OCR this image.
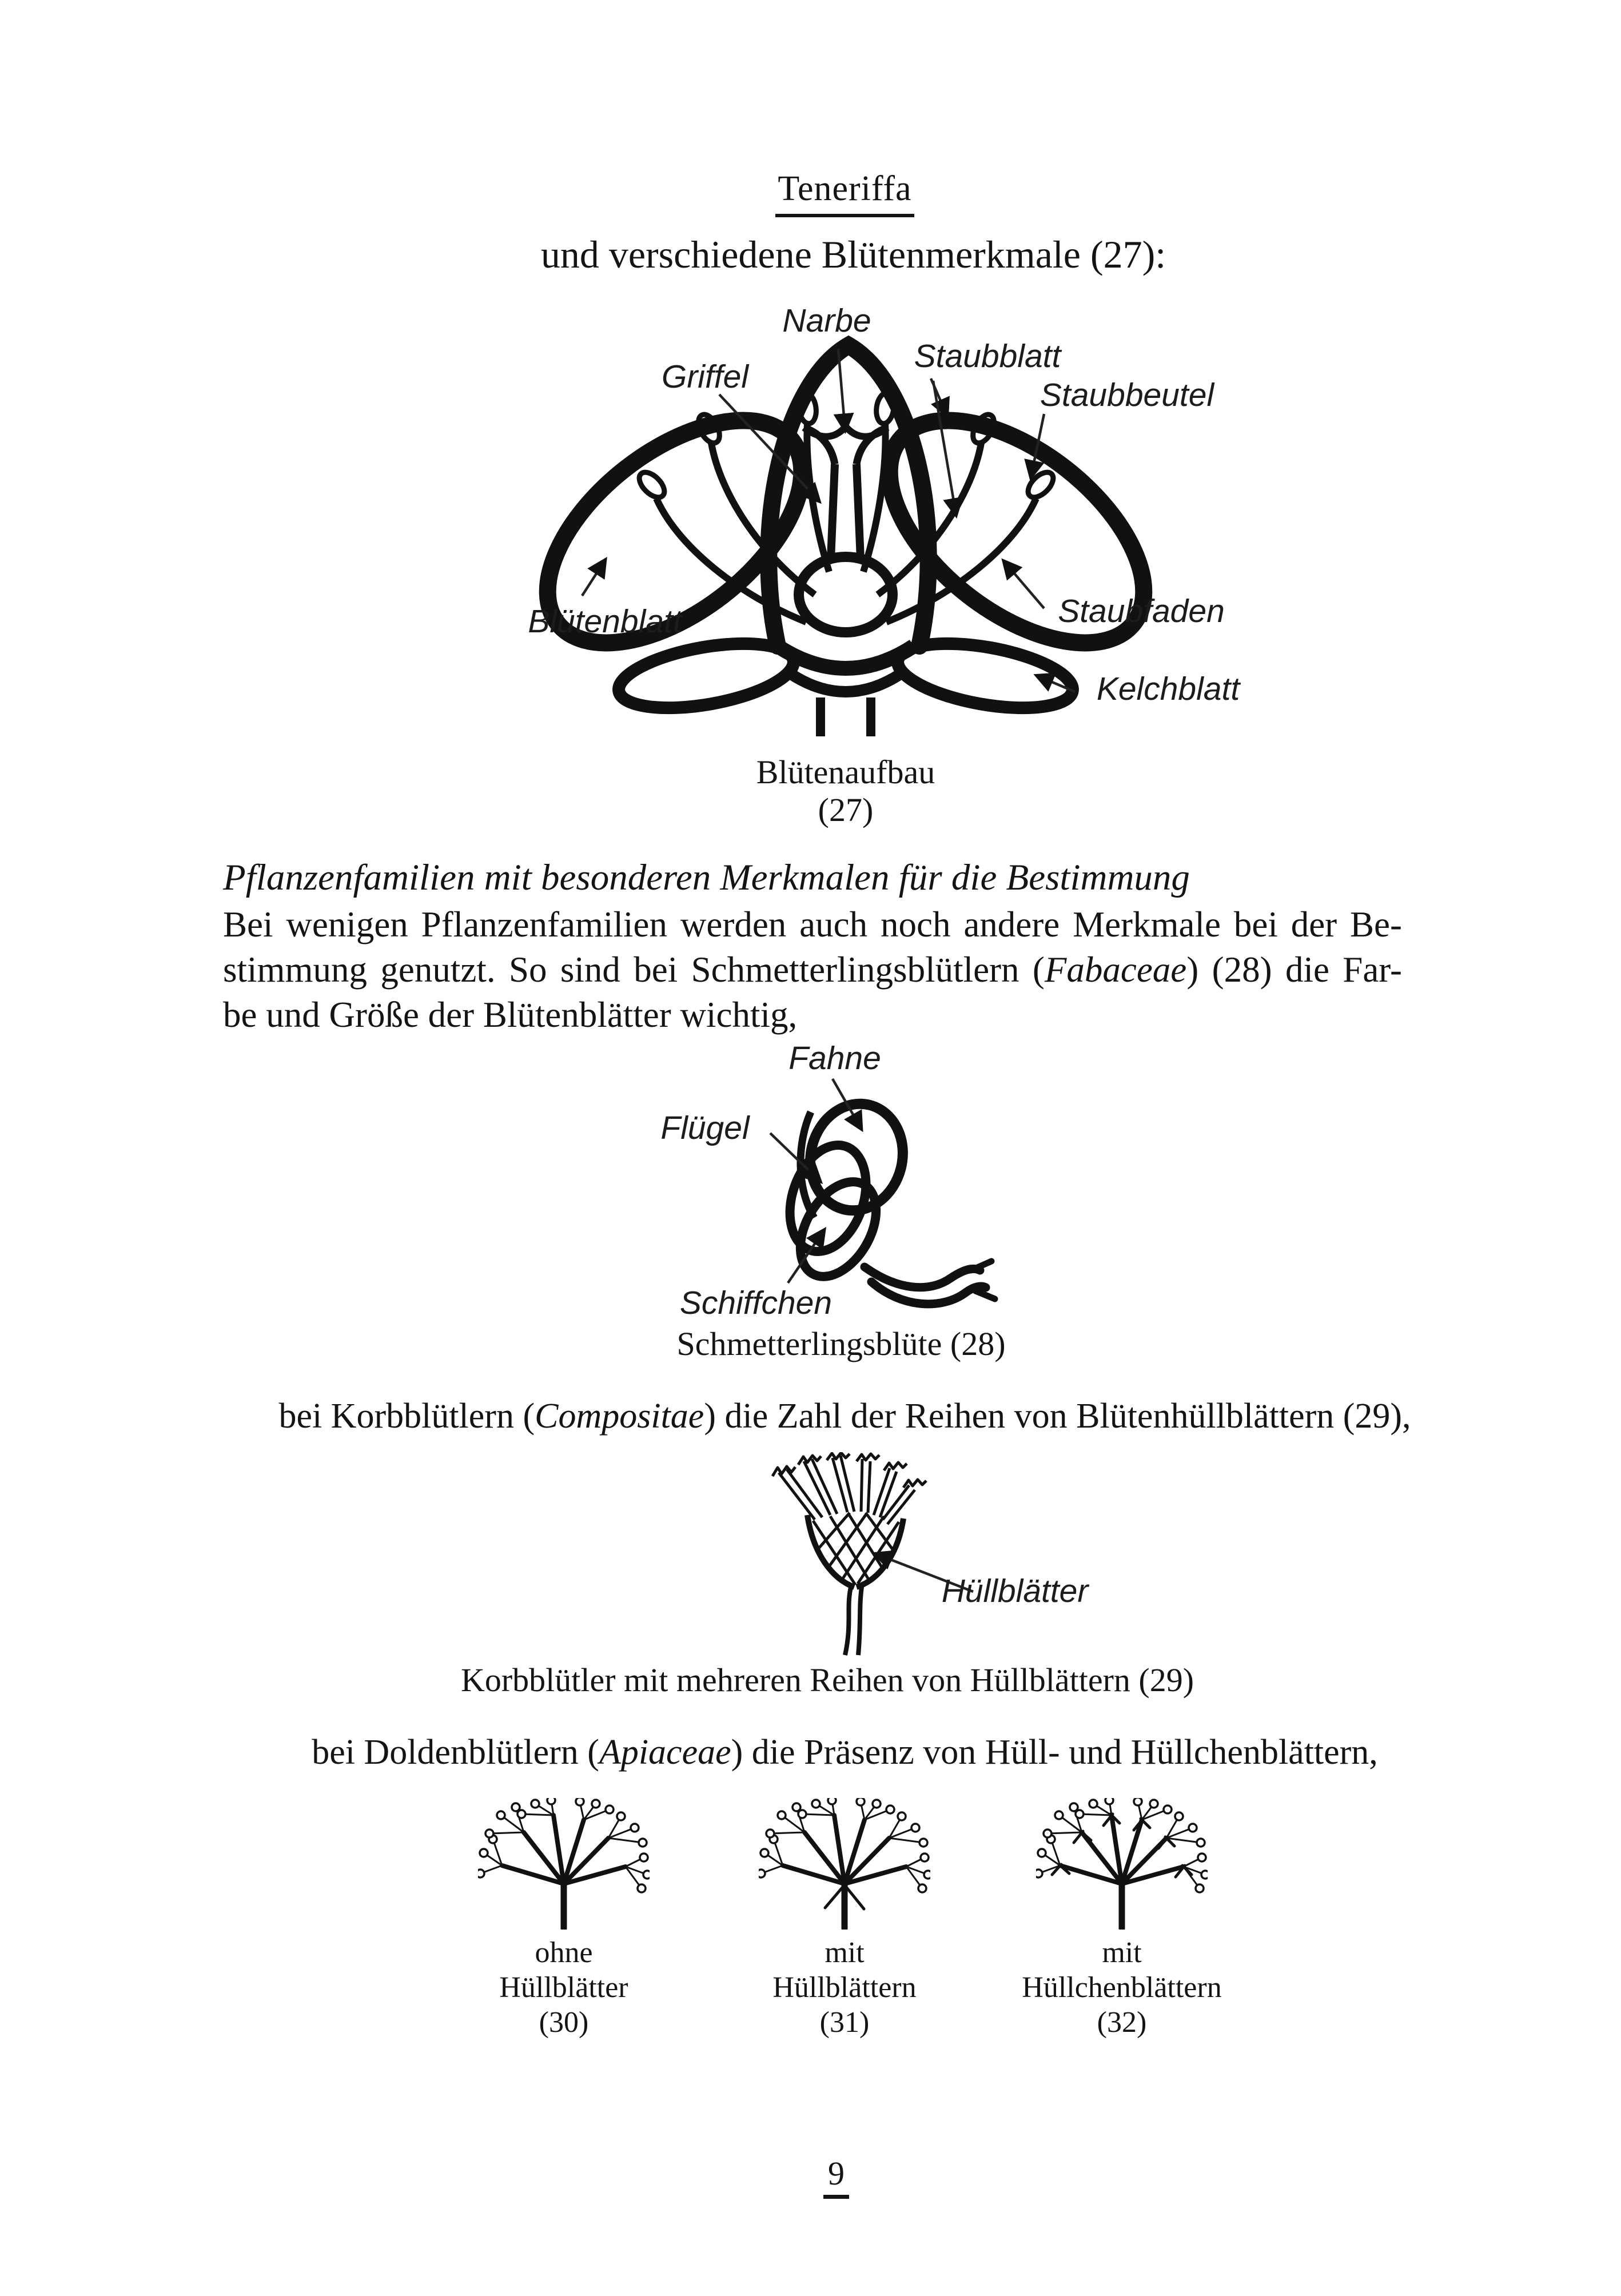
Teneriffa
und verschiedene Blütenmerkmale (27):
Narbe
Griffel
Staubblatt
Staubbeutel
Blütenblatt	Staubfaden
Kelchblatt
Blütenaufbau
(27)
Pflanzenfamilien mit besonderen Merkmalen für die Bestimmung
Bei wenigen Pflanzenfamilien werden auch noch andere Merkmale bei der Be-
stimmung genutzt. So sind bei Schmetterlingsblütlern (Fabaceae) (28) die Far-
be und Größe der Blütenblätter wichtig,
Fahne
Flügel
Schiffchen
Schmetterlingsblüte (28)
bei Korbblütlern (Compositae) die Zahl der Reihen von Blütenhüllblättern (29),
Hüllblätter
Korbblütler mit mehreren Reihen von Hüllblättern (29)
bei Doldenblütlern (Apiaceae) die Präsenz von Hüll- und Hüllchenblättern,
ohne
Hüllblätter
(30)
mit
Hüllblättern
(31)
mit
Hüllchenblättern
(32)
9
